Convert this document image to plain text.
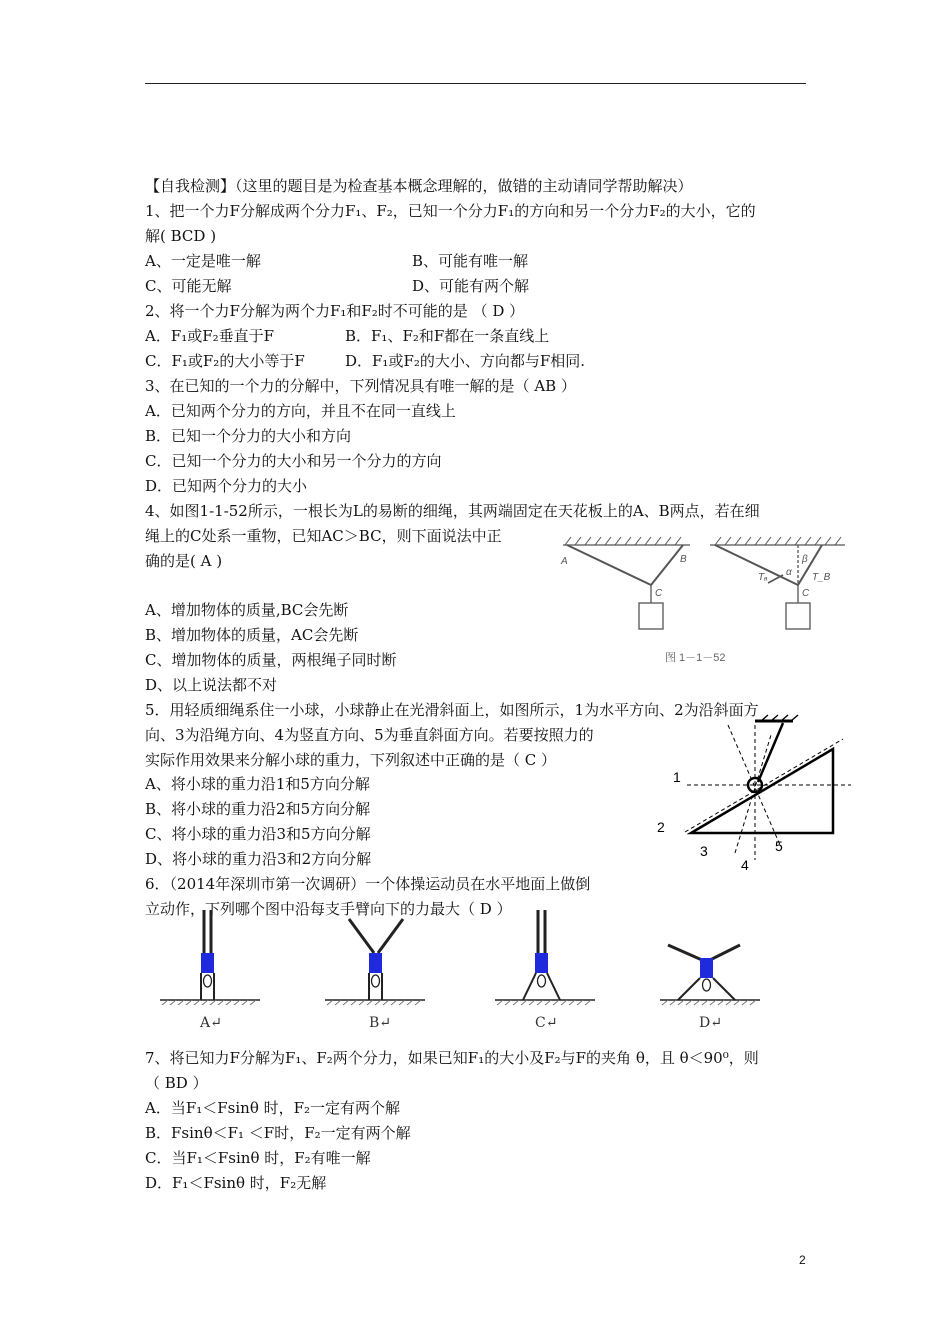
【自我检测】（这里的题目是为检查基本概念理解的，做错的主动请同学帮助解决）
1、把一个力F分解成两个分力F₁、F₂，已知一个分力F₁的方向和另一个分力F₂的大小，它的
解( BCD )
A、一定是唯一解	B、可能有唯一解
C、可能无解	D、可能有两个解
2、将一个力F分解为两个力F₁和F₂时不可能的是 （ D ）
A．F₁或F₂垂直于F	B．F₁、F₂和F都在一条直线上
C．F₁或F₂的大小等于F	D．F₁或F₂的大小、方向都与F相同.
3、在已知的一个力的分解中，下列情况具有唯一解的是（ AB ）
A．已知两个分力的方向，并且不在同一直线上
B．已知一个分力的大小和方向
C．已知一个分力的大小和另一个分力的方向
D．已知两个分力的大小
4、如图1-1-52所示，一根长为L的易断的细绳，其两端固定在天花板上的A、B两点，若在细
绳上的C处系一重物，已知AC＞BC，则下面说法中正
确的是( A )
A、增加物体的质量,BC会先断
B、增加物体的质量，AC会先断
C、增加物体的质量，两根绳子同时断
D、以上说法都不对
A	B
C	C
α
β
Tₐ	T_B
图 1－1－52
5．用轻质细绳系住一小球，小球静止在光滑斜面上，如图所示，1为水平方向、2为沿斜面方
向、3为沿绳方向、4为竖直方向、5为垂直斜面方向。若要按照力的
实际作用效果来分解小球的重力，下列叙述中正确的是（ C ）
A、将小球的重力沿1和5方向分解
B、将小球的重力沿2和5方向分解
C、将小球的重力沿3和5方向分解
D、将小球的重力沿3和2方向分解
1
2
3
4
5
6．（2014年深圳市第一次调研）一个体操运动员在水平地面上做倒
立动作，下列哪个图中沿每支手臂向下的力最大（ D ）
A↵	B↵	C↵	D↵
7、将已知力F分解为F₁、F₂两个分力，如果已知F₁的大小及F₂与F的夹角 θ，且 θ＜90⁰，则
（ BD ）
A．当F₁＜Fsinθ 时，F₂一定有两个解
B．Fsinθ＜F₁ ＜F时，F₂一定有两个解
C．当F₁＜Fsinθ 时，F₂有唯一解
D．F₁＜Fsinθ 时，F₂无解
2
